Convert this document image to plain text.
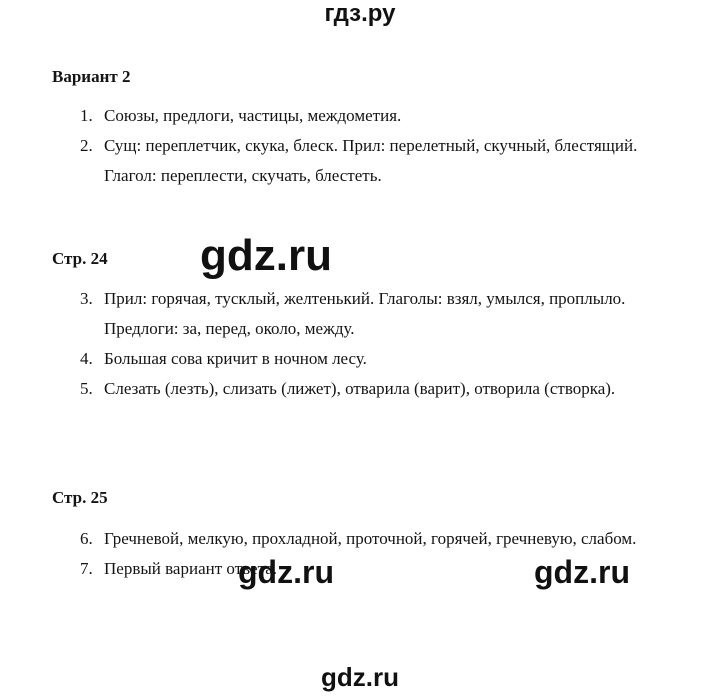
гдз.ру
Вариант 2
1. Союзы, предлоги, частицы, междометия.
2. Сущ: переплетчик, скука, блеск. Прил: перелетный, скучный, блестящий. Глагол: переплести, скучать, блестеть.
Стр. 24
3. Прил: горячая, тусклый, желтенький. Глаголы: взял, умылся, проплыло. Предлоги: за, перед, около, между.
4. Большая сова кричит в ночном лесу.
5. Слезать (лезть), слизать (лижет), отварила (варит), отворила (створка).
Стр. 25
6. Гречневой, мелкую, прохладной, проточной, горячей, гречневую, слабом.
7. Первый вариант ответа.
gdz.ru
gdz.ru	gdz.ru
gdz.ru
